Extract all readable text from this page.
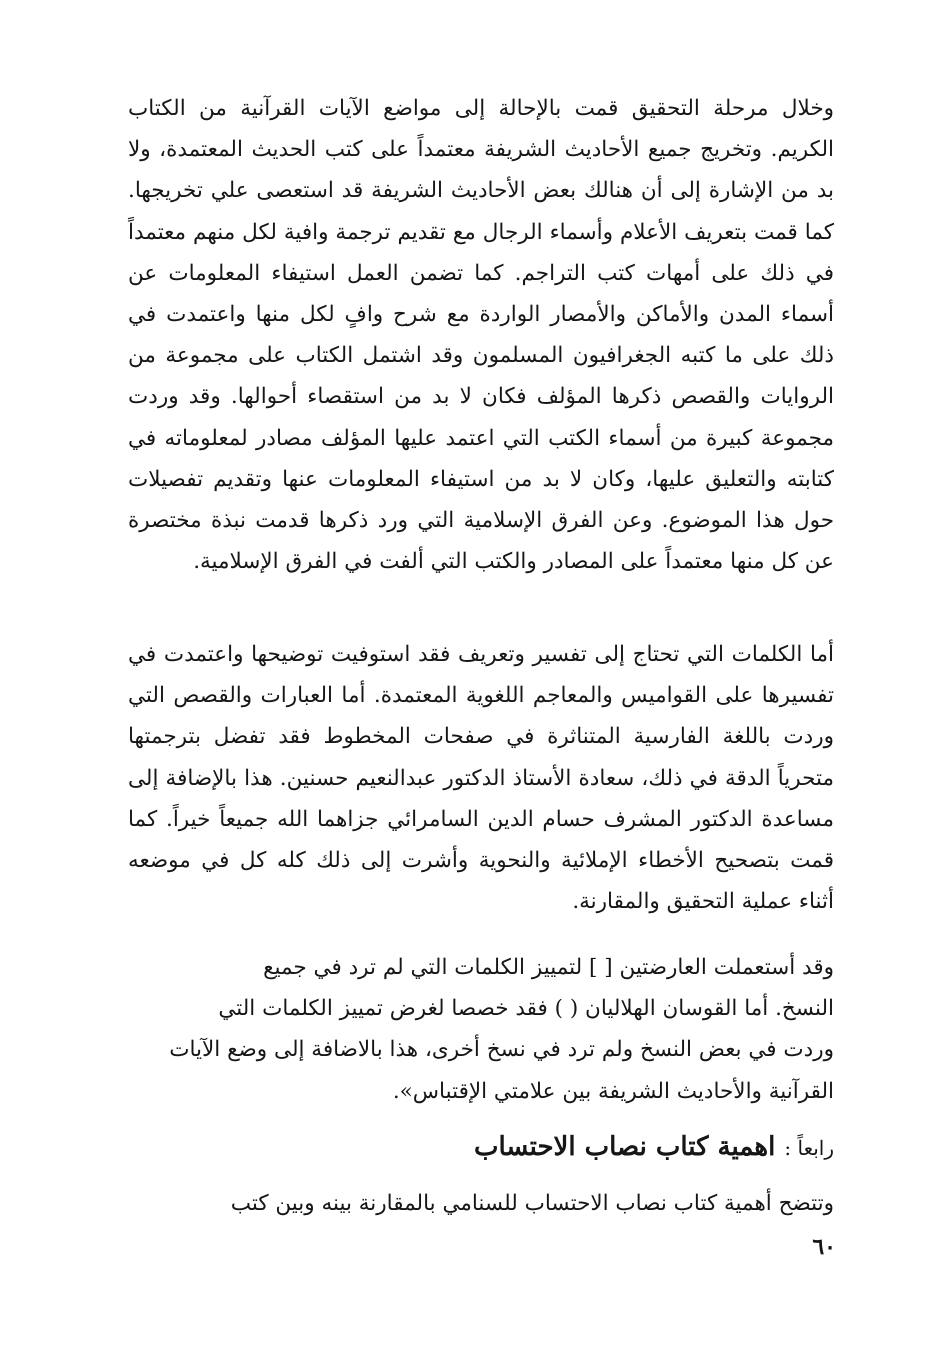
وخلال مرحلة التحقيق قمت بالإحالة إلى مواضع الآيات القرآنية من الكتاب الكريم. وتخريج جميع الأحاديث الشريفة معتمداً على كتب الحديث المعتمدة، ولا بد من الإشارة إلى أن هنالك بعض الأحاديث الشريفة قد استعصى علي تخريجها. كما قمت بتعريف الأعلام وأسماء الرجال مع تقديم ترجمة وافية لكل منهم معتمداً في ذلك على أمهات كتب التراجم. كما تضمن العمل استيفاء المعلومات عن أسماء المدن والأماكن والأمصار الواردة مع شرح وافٍ لكل منها واعتمدت في ذلك على ما كتبه الجغرافيون المسلمون وقد اشتمل الكتاب على مجموعة من الروايات والقصص ذكرها المؤلف فكان لا بد من استقصاء أحوالها. وقد وردت مجموعة كبيرة من أسماء الكتب التي اعتمد عليها المؤلف مصادر لمعلوماته في كتابته والتعليق عليها، وكان لا بد من استيفاء المعلومات عنها وتقديم تفصيلات حول هذا الموضوع. وعن الفرق الإسلامية التي ورد ذكرها قدمت نبذة مختصرة عن كل منها معتمداً على المصادر والكتب التي ألفت في الفرق الإسلامية.

أما الكلمات التي تحتاج إلى تفسير وتعريف فقد استوفيت توضيحها واعتمدت في تفسيرها على القواميس والمعاجم اللغوية المعتمدة. أما العبارات والقصص التي وردت باللغة الفارسية المتناثرة في صفحات المخطوط فقد تفضل بترجمتها متحرياً الدقة في ذلك، سعادة الأستاذ الدكتور عبدالنعيم حسنين. هذا بالإضافة إلى مساعدة الدكتور المشرف حسام الدين السامرائي جزاهما الله جميعاً خيراً. كما قمت بتصحيح الأخطاء الإملائية والنحوية وأشرت إلى ذلك كله كل في موضعه أثناء عملية التحقيق والمقارنة.

وقد أستعملت العارضتين [ ] لتمييز الكلمات التي لم ترد في جميع
النسخ. أما القوسان الهلاليان ( ) فقد خصصا لغرض تمييز الكلمات التي
وردت في بعض النسخ ولم ترد في نسخ أخرى، هذا بالاضافة إلى وضع الآيات
القرآنية والأحاديث الشريفة بين علامتي الإقتباس».
رابعاً : اهمية كتاب نصاب الاحتساب

وتتضح أهمية كتاب نصاب الاحتساب للسنامي بالمقارنة بينه وبين كتب

٦٠
